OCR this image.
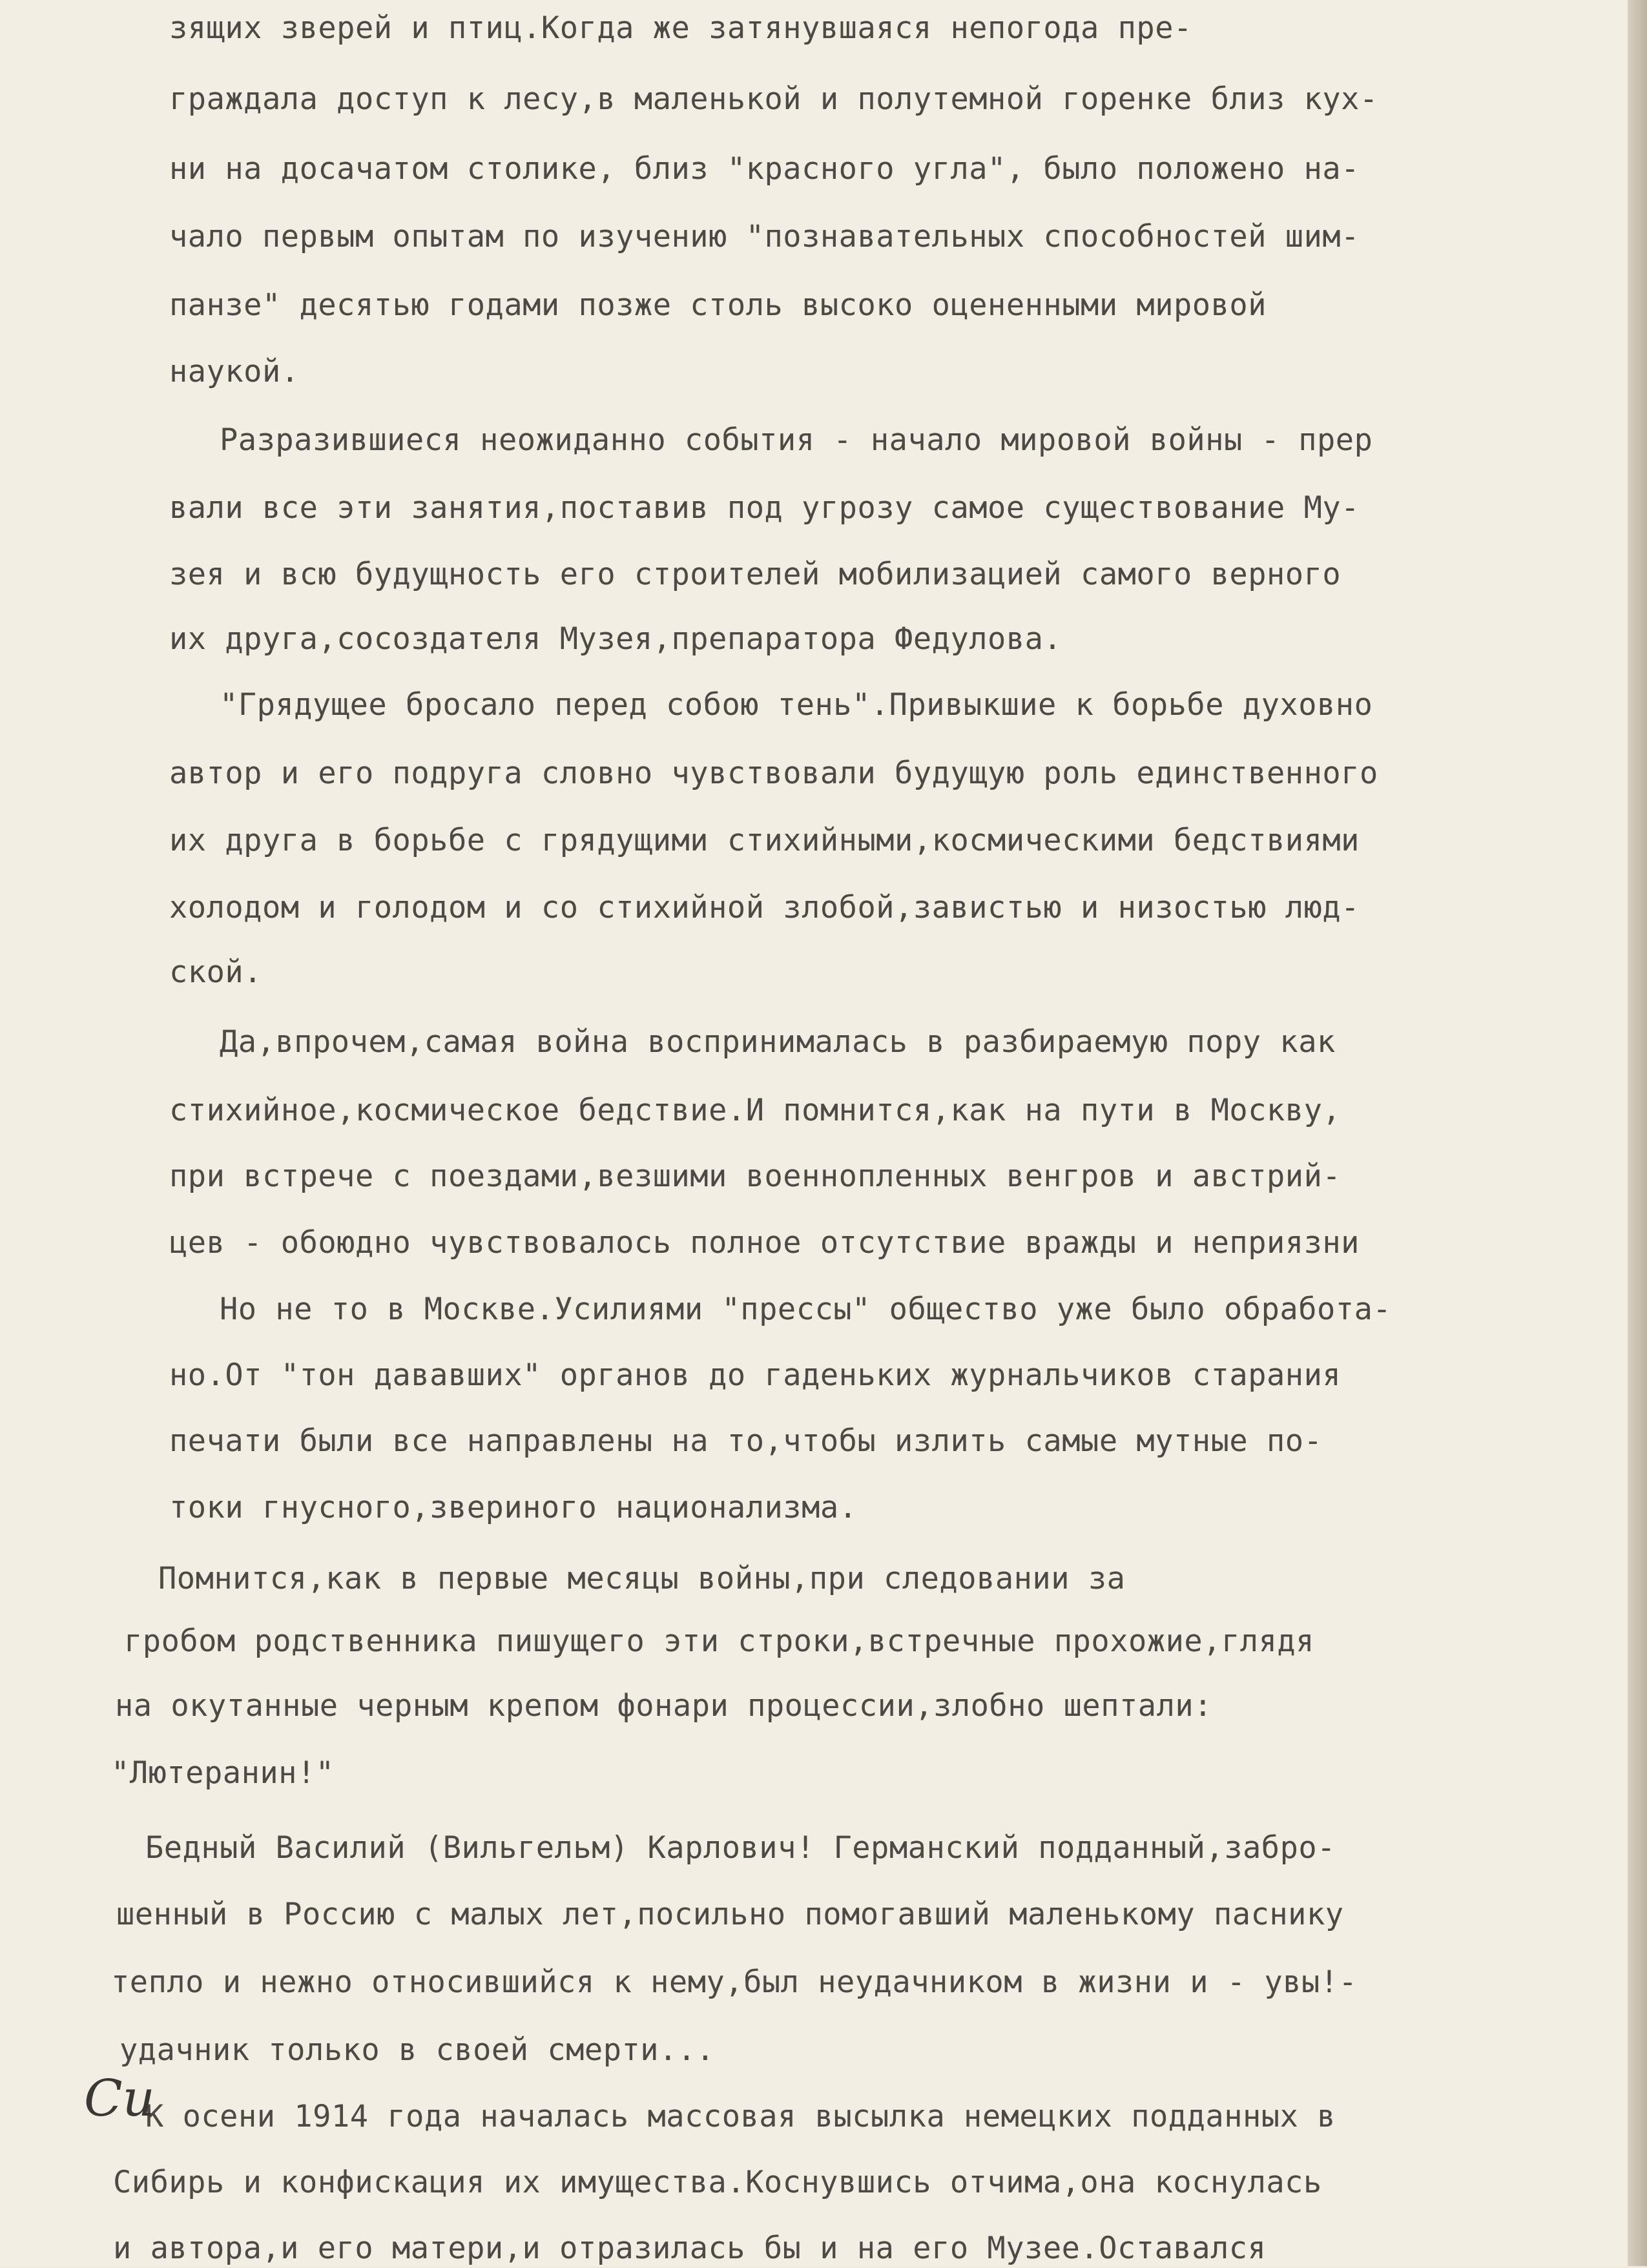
зящих зверей и птиц.Когда же затянувшаяся непогода пре-
граждала доступ к лесу,в маленькой и полутемной горенке близ кух-
ни на досачатом столике, близ "красного угла", было положено на-
чало первым опытам по изучению "познавательных способностей шим-
панзе" десятью годами позже столь высоко оцененными мировой
наукой.
Разразившиеся неожиданно события - начало мировой войны - прер
вали все эти занятия,поставив под угрозу самое существование Му-
зея и всю будущность его строителей мобилизацией самого верного
их друга,сосоздателя Музея,препаратора Федулова.
"Грядущее бросало перед собою тень".Привыкшие к борьбе духовно
автор и его подруга словно чувствовали будущую роль единственного
их друга в борьбе с грядущими стихийными,космическими бедствиями
холодом и голодом и со стихийной злобой,завистью и низостью люд-
ской.
Да,впрочем,самая война воспринималась в разбираемую пору как
стихийное,космическое бедствие.И помнится,как на пути в Москву,
при встрече с поездами,везшими военнопленных венгров и австрий-
цев - обоюдно чувствовалось полное отсутствие вражды и неприязни
Но не то в Москве.Усилиями "прессы" общество уже было обработа-
но.От "тон дававших" органов до гаденьких журнальчиков старания
печати были все направлены на то,чтобы излить самые мутные по-
токи гнусного,звериного национализма.
Помнится,как в первые месяцы войны,при следовании за
гробом родственника пишущего эти строки,встречные прохожие,глядя
на окутанные черным крепом фонари процессии,злобно шептали:
"Лютеранин!"
Бедный Василий (Вильгельм) Карлович! Германский подданный,забро-
шенный в Россию с малых лет,посильно помогавший маленькому паснику
тепло и нежно относившийся к нему,был неудачником в жизни и - увы!-
удачник только в своей смерти...
К осени 1914 года началась массовая высылка немецких подданных в
Сибирь и конфискация их имущества.Коснувшись отчима,она коснулась
и автора,и его матери,и отразилась бы и на его Музее.Оставался
Си
